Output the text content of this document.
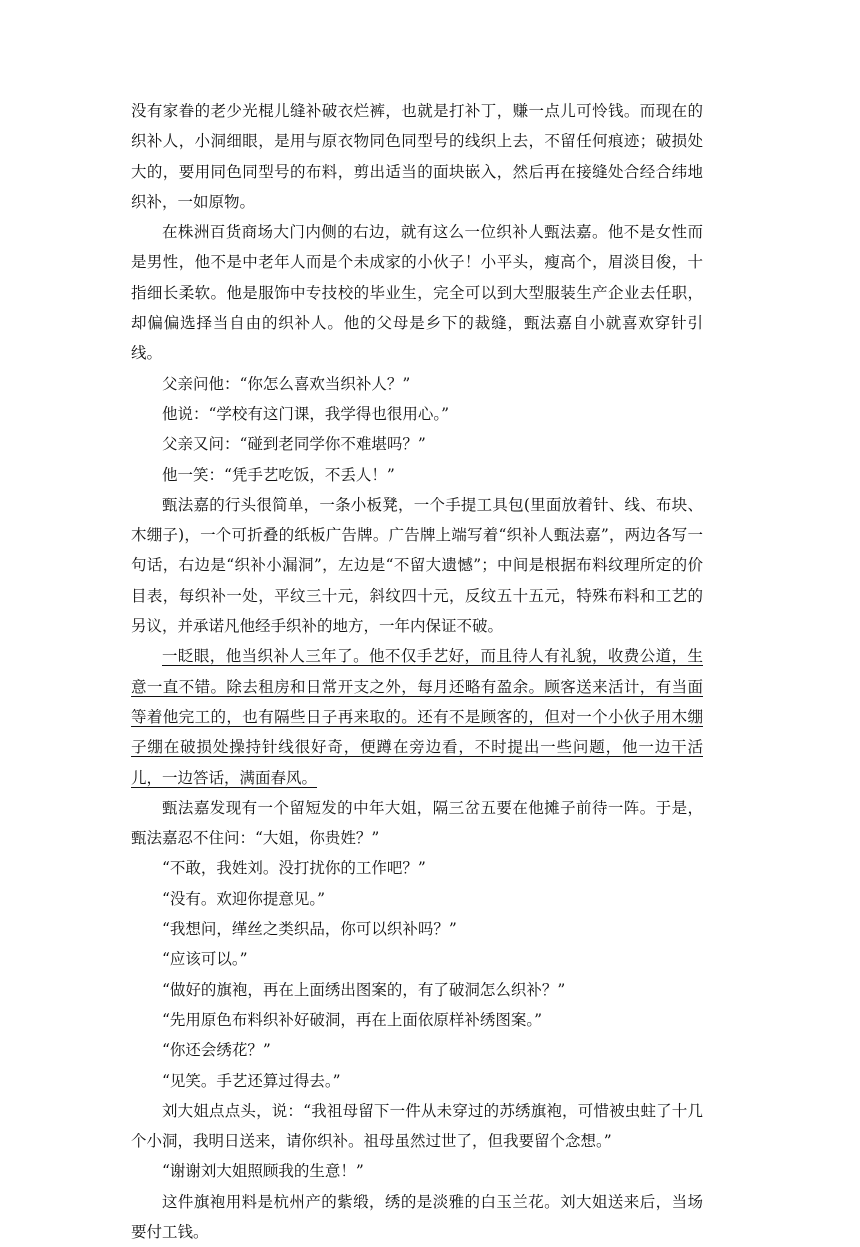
没有家眷的老少光棍儿缝补破衣烂裤，也就是打补丁，赚一点儿可怜钱。而现在的织补人，小洞细眼，是用与原衣物同色同型号的线织上去，不留任何痕迹；破损处大的，要用同色同型号的布料，剪出适当的面块嵌入，然后再在接缝处合经合纬地织补，一如原物。

在株洲百货商场大门内侧的右边，就有这么一位织补人甄法嘉。他不是女性而是男性，他不是中老年人而是个未成家的小伙子！小平头，瘦高个，眉淡目俊，十指细长柔软。他是服饰中专技校的毕业生，完全可以到大型服装生产企业去任职，却偏偏选择当自由的织补人。他的父母是乡下的裁缝，甄法嘉自小就喜欢穿针引线。

父亲问他：“你怎么喜欢当织补人？”

他说：“学校有这门课，我学得也很用心。”

父亲又问：“碰到老同学你不难堪吗？”

他一笑：“凭手艺吃饭，不丢人！”

甄法嘉的行头很简单，一条小板凳，一个手提工具包(里面放着针、线、布块、木绷子)，一个可折叠的纸板广告牌。广告牌上端写着“织补人甄法嘉”，两边各写一句话，右边是“织补小漏洞”，左边是“不留大遗憾”；中间是根据布料纹理所定的价目表，每织补一处，平纹三十元，斜纹四十元，反纹五十五元，特殊布料和工艺的另议，并承诺凡他经手织补的地方，一年内保证不破。

一眨眼，他当织补人三年了。他不仅手艺好，而且待人有礼貌，收费公道，生意一直不错。除去租房和日常开支之外，每月还略有盈余。顾客送来活计，有当面等着他完工的，也有隔些日子再来取的。还有不是顾客的，但对一个小伙子用木绷子绷在破损处操持针线很好奇，便蹲在旁边看，不时提出一些问题，他一边干活儿，一边答话，满面春风。

甄法嘉发现有一个留短发的中年大姐，隔三岔五要在他摊子前待一阵。于是，甄法嘉忍不住问：“大姐，你贵姓？”

“不敢，我姓刘。没打扰你的工作吧？”

“没有。欢迎你提意见。”

“我想问，缂丝之类织品，你可以织补吗？”

“应该可以。”

“做好的旗袍，再在上面绣出图案的，有了破洞怎么织补？”

“先用原色布料织补好破洞，再在上面依原样补绣图案。”

“你还会绣花？”

“见笑。手艺还算过得去。”

刘大姐点点头，说：“我祖母留下一件从未穿过的苏绣旗袍，可惜被虫蛀了十几个小洞，我明日送来，请你织补。祖母虽然过世了，但我要留个念想。”

“谢谢刘大姐照顾我的生意！”

这件旗袍用料是杭州产的紫缎，绣的是淡雅的白玉兰花。刘大姐送来后，当场要付工钱。
